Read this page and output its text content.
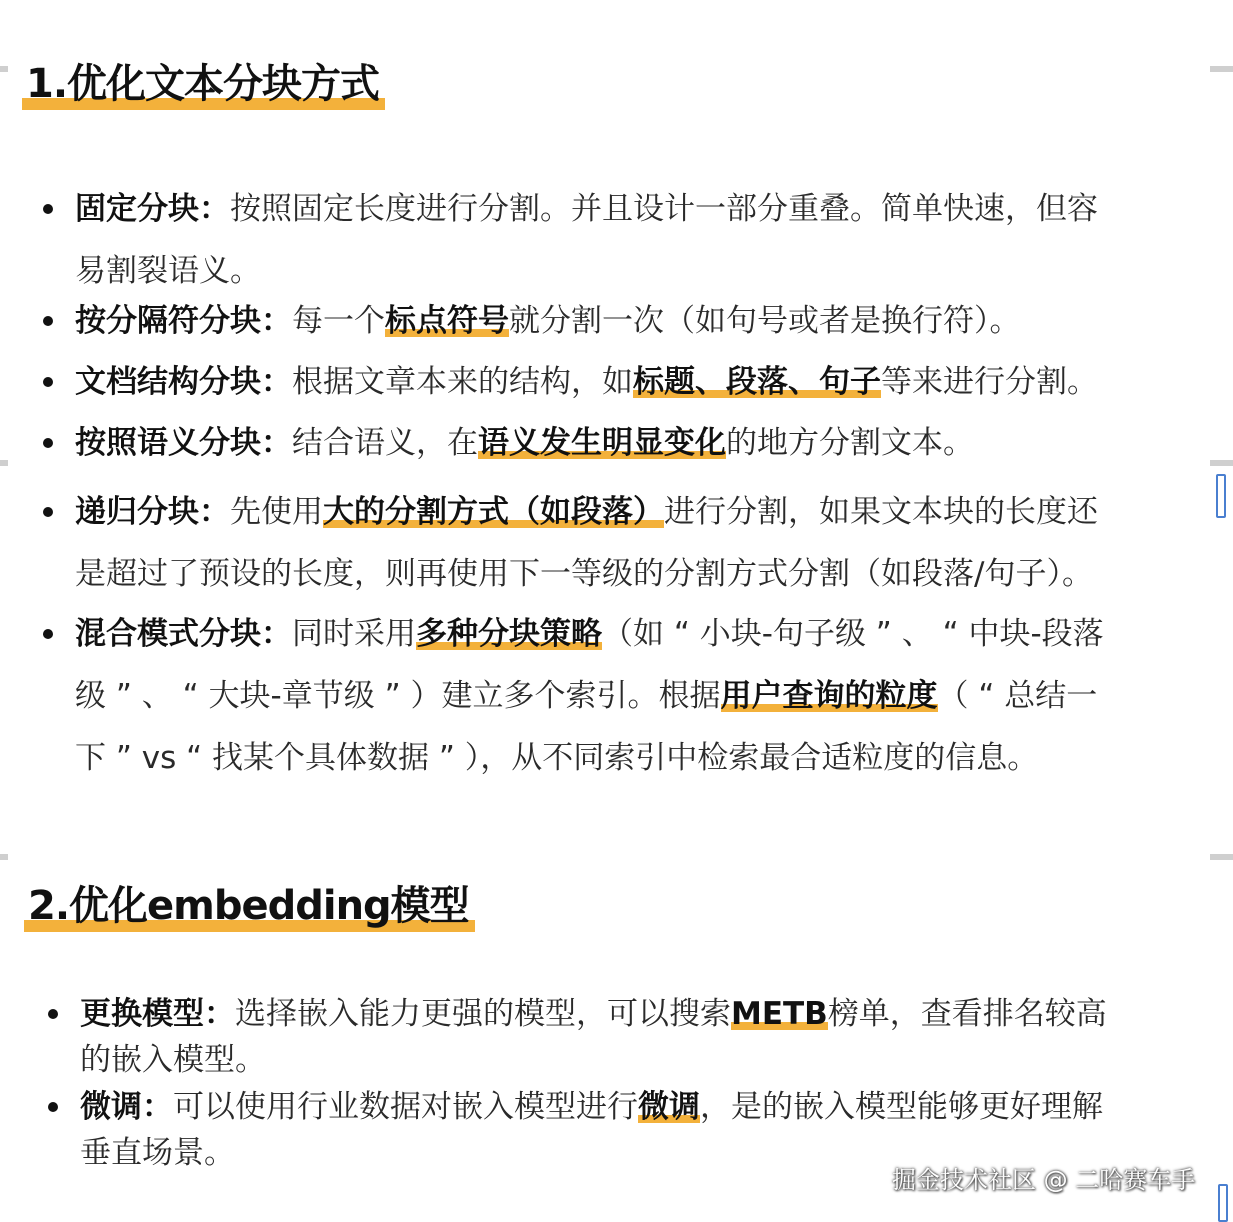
1.优化文本分块方式
固定分块：按照固定长度进行分割。并且设计一部分重叠。简单快速，但容
易割裂语义。
按分隔符分块：每一个标点符号就分割一次（如句号或者是换行符）。
文档结构分块：根据文章本来的结构，如标题、段落、句子等来进行分割。
按照语义分块：结合语义，在语义发生明显变化的地方分割文本。
递归分块：先使用大的分割方式（如段落）进行分割，如果文本块的长度还
是超过了预设的长度，则再使用下一等级的分割方式分割（如段落/句子）。
混合模式分块：同时采用多种分块策略（如 “ 小块-句子级 ” 、 “ 中块-段落
级 ” 、 “ 大块-章节级 ” ）建立多个索引。根据用户查询的粒度（ “ 总结一
下 ” vs “ 找某个具体数据 ” ），从不同索引中检索最合适粒度的信息。
2.优化embedding模型
更换模型：选择嵌入能力更强的模型，可以搜索METB榜单，查看排名较高
的嵌入模型。
微调：可以使用行业数据对嵌入模型进行微调，是的嵌入模型能够更好理解
垂直场景。
掘金技术社区 @ 二哈赛车手
